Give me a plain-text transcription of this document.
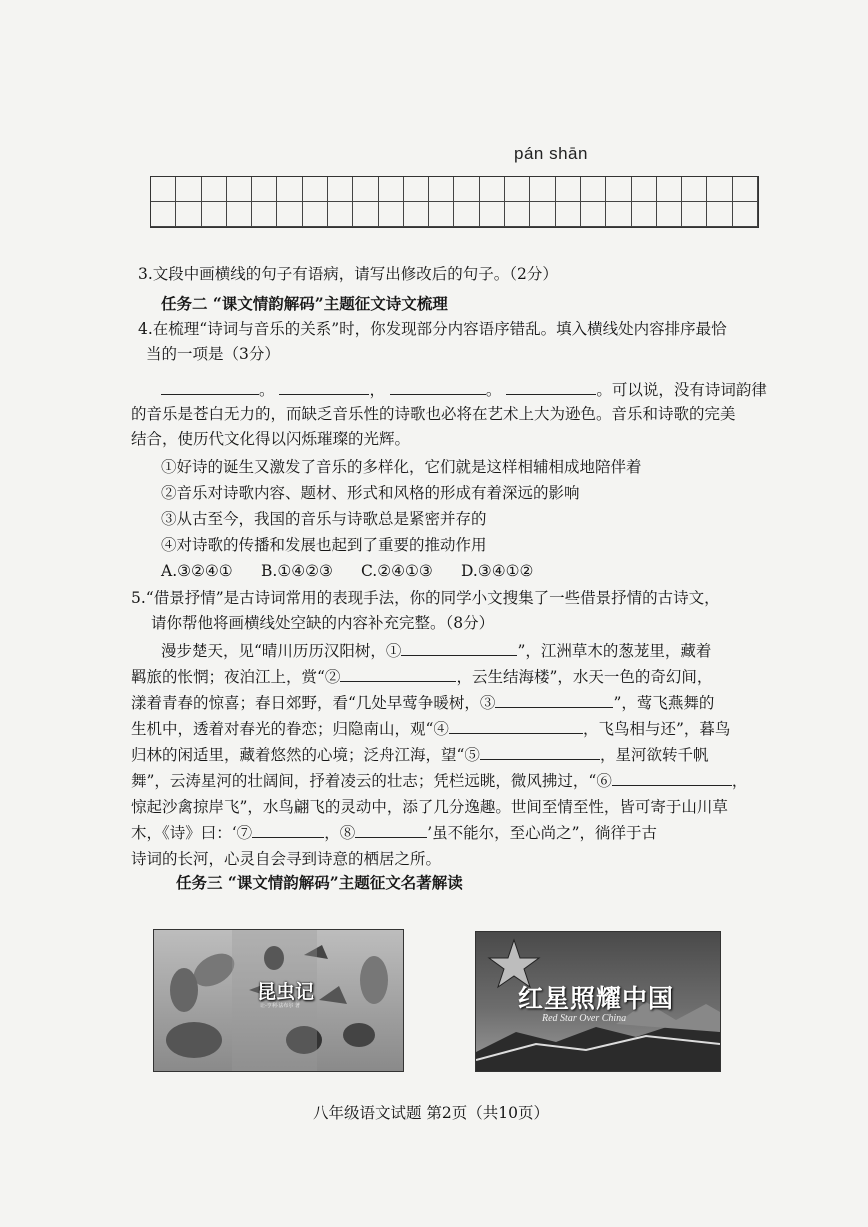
pán shān
3.文段中画横线的句子有语病，请写出修改后的句子。（2分）
任务二 “课文情韵解码”主题征文诗文梳理
4.在梳理“诗词与音乐的关系”时，你发现部分内容语序错乱。填入横线处内容排序最恰
当的一项是（3分）
。	，	。	。可以说，没有诗词韵律
的音乐是苍白无力的，而缺乏音乐性的诗歌也必将在艺术上大为逊色。音乐和诗歌的完美
结合，使历代文化得以闪烁璀璨的光辉。
①好诗的诞生又激发了音乐的多样化，它们就是这样相辅相成地陪伴着
②音乐对诗歌内容、题材、形式和风格的形成有着深远的影响
③从古至今，我国的音乐与诗歌总是紧密并存的
④对诗歌的传播和发展也起到了重要的推动作用
A.③②④① B.①④②③ C.②④①③ D.③④①②
5.“借景抒情”是古诗词常用的表现手法，你的同学小文搜集了一些借景抒情的古诗文，
请你帮他将画横线处空缺的内容补充完整。（8分）
漫步楚天，见“晴川历历汉阳树，①	”，江洲草木的葱茏里，藏着
羁旅的怅惘；夜泊江上，赏“②	，云生结海楼”，水天一色的奇幻间，
漾着青春的惊喜；春日郊野，看“几处早莺争暖树，③	”，莺飞燕舞的
生机中，透着对春光的眷恋；归隐南山，观“④	，飞鸟相与还”，暮鸟
归林的闲适里，藏着悠然的心境；泛舟江海，望“⑤	，星河欲转千帆
舞”，云涛星河的壮阔间，抒着凌云的壮志；凭栏远眺，微风拂过，“⑥	，
惊起沙禽掠岸飞”，水鸟翩飞的灵动中，添了几分逸趣。世间至情至性，皆可寄于山川草
木，《诗》曰：‘⑦	，⑧	’虽不能尔，至心尚之”，徜徉于古
诗词的长河，心灵自会寻到诗意的栖居之所。
任务三 “课文情韵解码”主题征文名著解读
昆虫记
让-亨利·法布尔 著	红星照耀中国
Red Star Over China
八年级语文试题 第2页（共10页）
